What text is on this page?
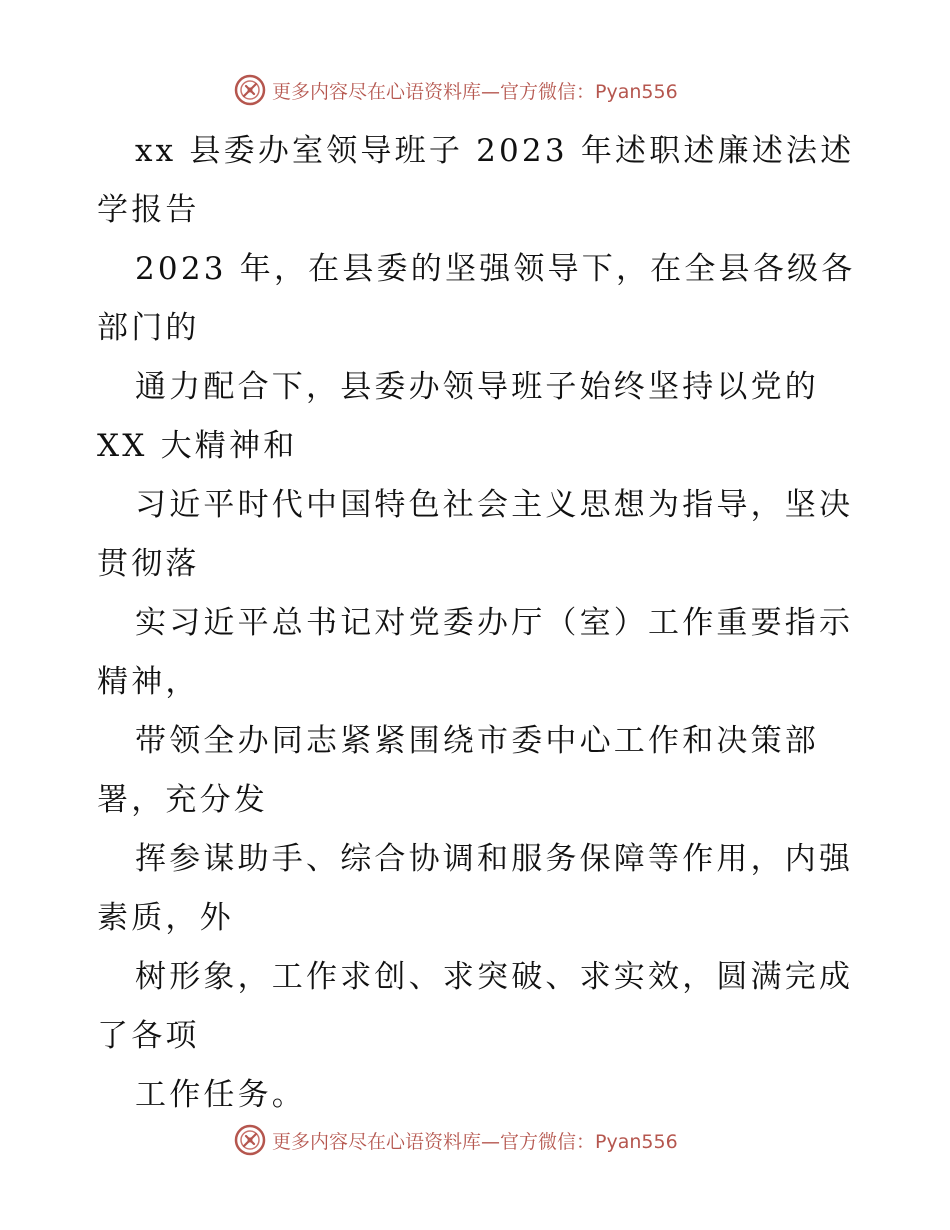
更多内容尽在心语资料库—官方微信：Pyan556

xx 县委办室领导班子 2023 年述职述廉述法述
学报告

2023 年，在县委的坚强领导下，在全县各级各
部门的

通力配合下，县委办领导班子始终坚持以党的
XX 大精神和

习近平时代中国特色社会主义思想为指导，坚决
贯彻落

实习近平总书记对党委办厅（室）工作重要指示
精神，

带领全办同志紧紧围绕市委中心工作和决策部
署，充分发

挥参谋助手、综合协调和服务保障等作用，内强
素质，外

树形象，工作求创、求突破、求实效，圆满完成
了各项

工作任务。

更多内容尽在心语资料库—官方微信：Pyan556
